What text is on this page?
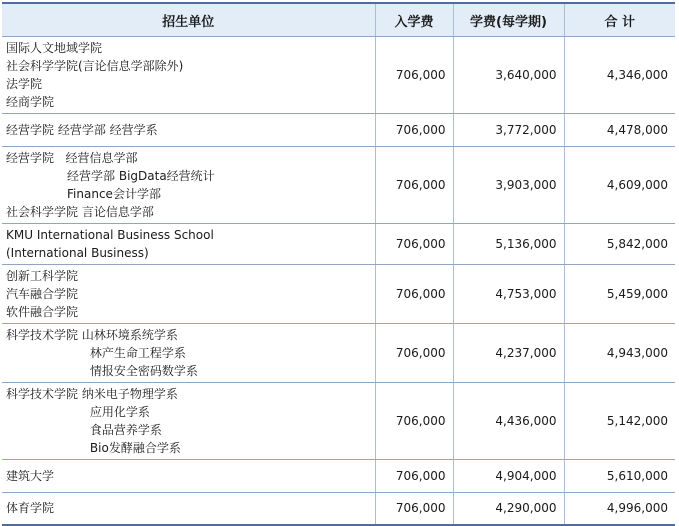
招生单位	入学费	学费(每学期)	合 计

国际人文地域学院
社会科学学院(言论信息学部除外)
法学院
经商学院	706,000	3,640,000	4,346,000

经营学院 经营学部 经营学系	706,000	3,772,000	4,478,000

经营学院   经营信息学部
经营学部 BigData经营统计
Finance会计学部
社会科学学院 言论信息学部	706,000	3,903,000	4,609,000

KMU International Business School
(International Business)	706,000	5,136,000	5,842,000

创新工科学院
汽车融合学院
软件融合学院	706,000	4,753,000	5,459,000

科学技术学院 山林环境系统学系
林产生命工程学系
情报安全密码数学系	706,000	4,237,000	4,943,000

科学技术学院 纳米电子物理学系
应用化学系
食品营养学系
Bio发酵融合学系	706,000	4,436,000	5,142,000

建筑大学	706,000	4,904,000	5,610,000

体育学院	706,000	4,290,000	4,996,000
